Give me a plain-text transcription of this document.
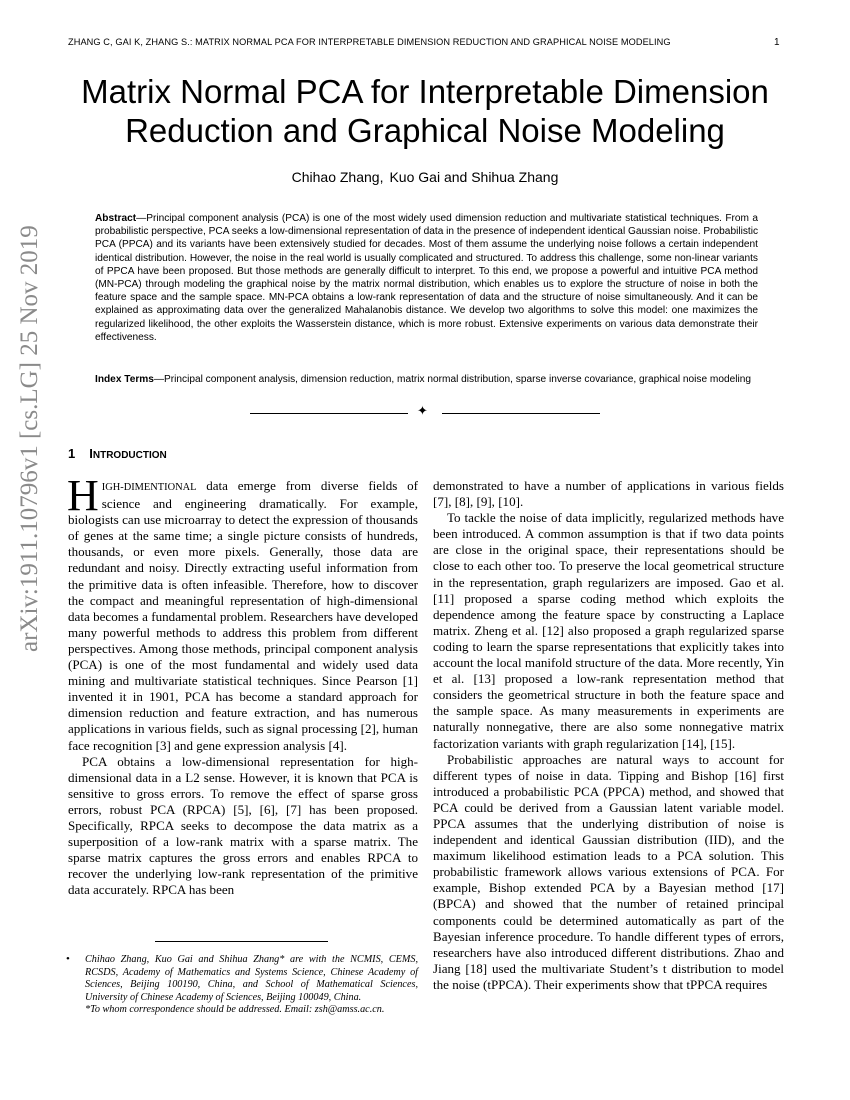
ZHANG C, GAI K, ZHANG S.: MATRIX NORMAL PCA FOR INTERPRETABLE DIMENSION REDUCTION AND GRAPHICAL NOISE MODELING	1
Matrix Normal PCA for Interpretable Dimension
Reduction and Graphical Noise Modeling
Chihao Zhang, Kuo Gai and Shihua Zhang
Abstract—Principal component analysis (PCA) is one of the most widely used dimension reduction and multivariate statistical techniques. From a probabilistic perspective, PCA seeks a low-dimensional representation of data in the presence of independent identical Gaussian noise. Probabilistic PCA (PPCA) and its variants have been extensively studied for decades. Most of them assume the underlying noise follows a certain independent identical distribution. However, the noise in the real world is usually complicated and structured. To address this challenge, some non-linear variants of PPCA have been proposed. But those methods are generally difficult to interpret. To this end, we propose a powerful and intuitive PCA method (MN-PCA) through modeling the graphical noise by the matrix normal distribution, which enables us to explore the structure of noise in both the feature space and the sample space. MN-PCA obtains a low-rank representation of data and the structure of noise simultaneously. And it can be explained as approximating data over the generalized Mahalanobis distance. We develop two algorithms to solve this model: one maximizes the regularized likelihood, the other exploits the Wasserstein distance, which is more robust. Extensive experiments on various data demonstrate their effectiveness.
Index Terms—Principal component analysis, dimension reduction, matrix normal distribution, sparse inverse covariance, graphical noise modeling
✦
arXiv:1911.10796v1 [cs.LG] 25 Nov 2019	1 INTRODUCTION

HIGH-DIMENTIONAL data emerge from diverse fields of science and engineering dramatically. For example, biologists can use microarray to detect the expression of thousands of genes at the same time; a single picture consists of hundreds, thousands, or even more pixels. Generally, those data are redundant and noisy. Directly extracting useful information from the primitive data is often infeasible. Therefore, how to discover the compact and meaningful representation of high-dimensional data becomes a fundamental problem. Researchers have developed many powerful methods to address this problem from different perspectives. Among those methods, principal component analysis (PCA) is one of the most fundamental and widely used data mining and multivariate statistical techniques. Since Pearson [1] invented it in 1901, PCA has become a standard approach for dimension reduction and feature extraction, and has numerous applications in various fields, such as signal processing [2], human face recognition [3] and gene expression analysis [4].

PCA obtains a low-dimensional representation for high-dimensional data in a L2 sense. However, it is known that PCA is sensitive to gross errors. To remove the effect of sparse gross errors, robust PCA (RPCA) [5], [6], [7] has been proposed. Specifically, RPCA seeks to decompose the data matrix as a superposition of a low-rank matrix with a sparse matrix. The sparse matrix captures the gross errors and enables RPCA to recover the underlying low-rank representation of the primitive data accurately. RPCA has been

demonstrated to have a number of applications in various fields [7], [8], [9], [10].

To tackle the noise of data implicitly, regularized methods have been introduced. A common assumption is that if two data points are close in the original space, their representations should be close to each other too. To preserve the local geometrical structure in the representation, graph regularizers are imposed. Gao et al. [11] proposed a sparse coding method which exploits the dependence among the feature space by constructing a Laplace matrix. Zheng et al. [12] also proposed a graph regularized sparse coding to learn the sparse representations that explicitly takes into account the local manifold structure of the data. More recently, Yin et al. [13] proposed a low-rank representation method that considers the geometrical structure in both the feature space and the sample space. As many measurements in experiments are naturally nonnegative, there are also some nonnegative matrix factorization variants with graph regularization [14], [15].

Probabilistic approaches are natural ways to account for different types of noise in data. Tipping and Bishop [16] first introduced a probabilistic PCA (PPCA) method, and showed that PCA could be derived from a Gaussian latent variable model. PPCA assumes that the underlying distribution of noise is independent and identical Gaussian distribution (IID), and the maximum likelihood estimation leads to a PCA solution. This probabilistic framework allows various extensions of PCA. For example, Bishop extended PCA by a Bayesian method [17] (BPCA) and showed that the number of retained principal components could be determined automatically as part of the Bayesian inference procedure. To handle different types of errors, researchers have also introduced different distributions. Zhao and Jiang [18] used the multivariate Student’s t distribution to model the noise (tPPCA). Their experiments show that tPPCA requires

• Chihao Zhang, Kuo Gai and Shihua Zhang* are with the NCMIS, CEMS, RCSDS, Academy of Mathematics and Systems Science, Chinese Academy of Sciences, Beijing 100190, China, and School of Mathematical Sciences, University of Chinese Academy of Sciences, Beijing 100049, China.
*To whom correspondence should be addressed. Email: zsh@amss.ac.cn.
